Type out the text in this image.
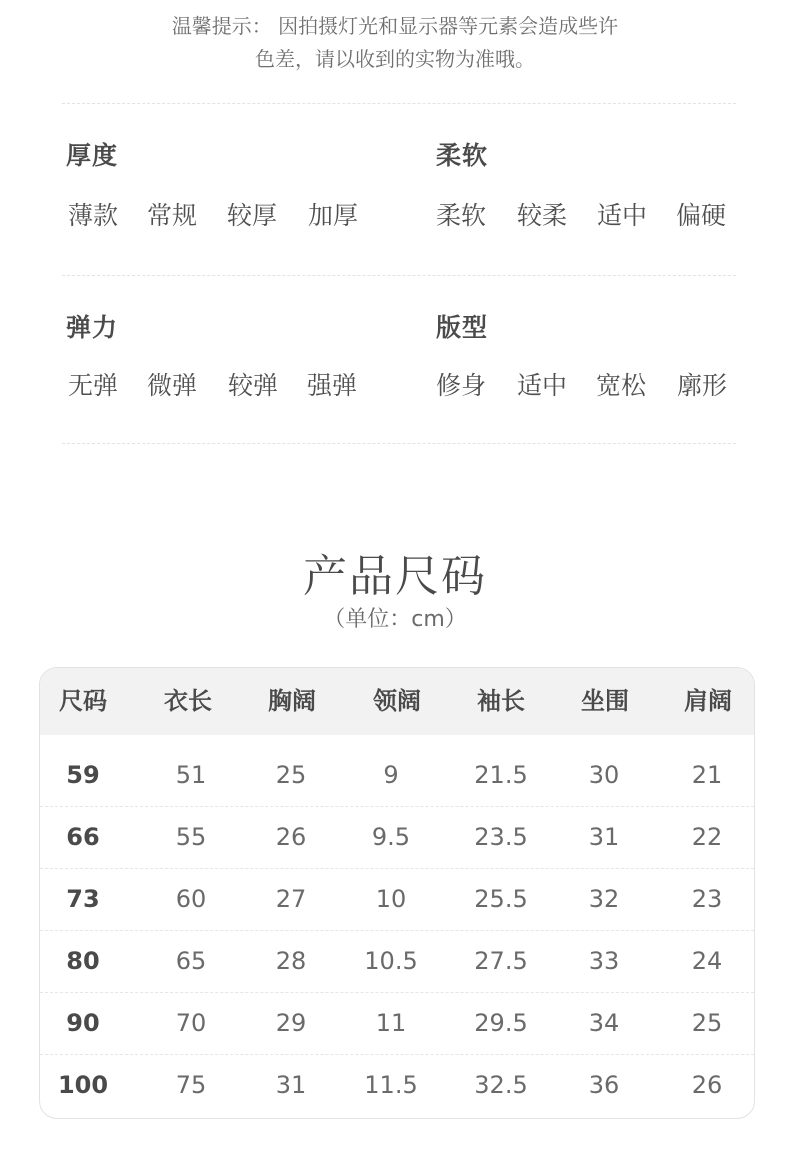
温馨提示： 因拍摄灯光和显示器等元素会造成些许
色差，请以收到的实物为准哦。
厚度
薄款	常规	较厚	加厚
柔软
柔软	较柔	适中	偏硬
弹力
无弹	微弹	较弹	强弹
版型
修身	适中	宽松	廓形
产品尺码
（单位：cm）
尺码	衣长	胸阔	领阔	袖长	坐围	肩阔
59	51	25	9	21.5	30	21
66	55	26	9.5	23.5	31	22
73	60	27	10	25.5	32	23
80	65	28	10.5	27.5	33	24
90	70	29	11	29.5	34	25
100	75	31	11.5	32.5	36	26
